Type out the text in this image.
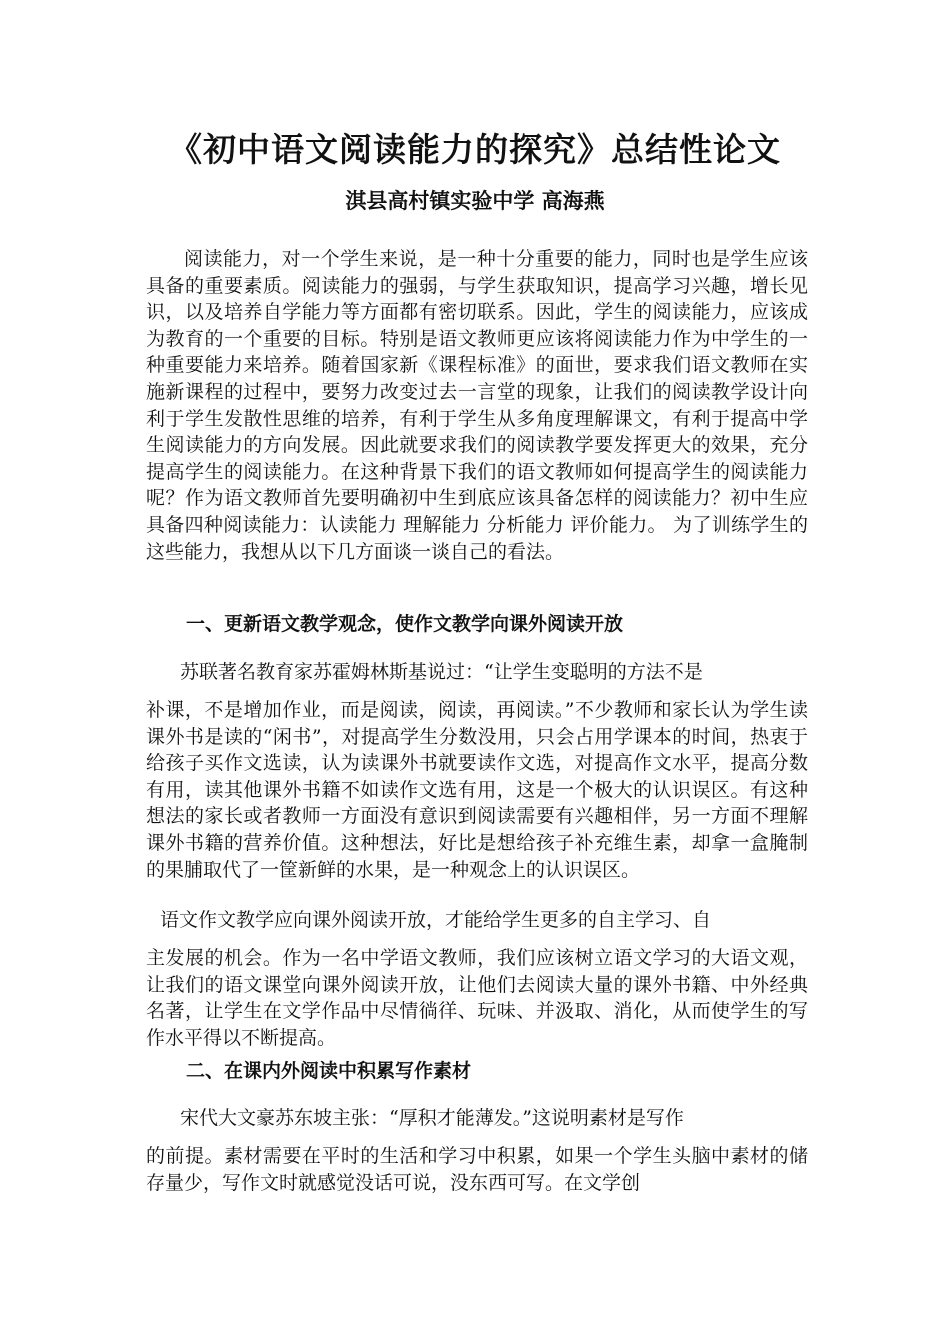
《初中语文阅读能力的探究》总结性论文
淇县高村镇实验中学 高海燕

阅读能力，对一个学生来说，是一种十分重要的能力，同时也是学生应该具备的重要素质。阅读能力的强弱，与学生获取知识，提高学习兴趣，增长见识，以及培养自学能力等方面都有密切联系。因此，学生的阅读能力，应该成为教育的一个重要的目标。特别是语文教师更应该将阅读能力作为中学生的一种重要能力来培养。随着国家新《课程标准》的面世，要求我们语文教师在实施新课程的过程中，要努力改变过去一言堂的现象，让我们的阅读教学设计向利于学生发散性思维的培养，有利于学生从多角度理解课文，有利于提高中学生阅读能力的方向发展。因此就要求我们的阅读教学要发挥更大的效果，充分提高学生的阅读能力。在这种背景下我们的语文教师如何提高学生的阅读能力呢？作为语文教师首先要明确初中生到底应该具备怎样的阅读能力？初中生应具备四种阅读能力：认读能力 理解能力 分析能力 评价能力。 为了训练学生的这些能力，我想从以下几方面谈一谈自己的看法。

一、更新语文教学观念，使作文教学向课外阅读开放

苏联著名教育家苏霍姆林斯基说过：“让学生变聪明的方法不是

补课，不是增加作业，而是阅读，阅读，再阅读。”不少教师和家长认为学生读课外书是读的“闲书”，对提高学生分数没用，只会占用学课本的时间，热衷于给孩子买作文选读，认为读课外书就要读作文选，对提高作文水平，提高分数有用，读其他课外书籍不如读作文选有用，这是一个极大的认识误区。有这种想法的家长或者教师一方面没有意识到阅读需要有兴趣相伴，另一方面不理解课外书籍的营养价值。这种想法，好比是想给孩子补充维生素，却拿一盒腌制的果脯取代了一筐新鲜的水果，是一种观念上的认识误区。

语文作文教学应向课外阅读开放，才能给学生更多的自主学习、自

主发展的机会。作为一名中学语文教师，我们应该树立语文学习的大语文观，让我们的语文课堂向课外阅读开放，让他们去阅读大量的课外书籍、中外经典名著，让学生在文学作品中尽情徜徉、玩味、并汲取、消化，从而使学生的写作水平得以不断提高。

二、在课内外阅读中积累写作素材

宋代大文豪苏东坡主张：“厚积才能薄发。”这说明素材是写作

的前提。素材需要在平时的生活和学习中积累，如果一个学生头脑中素材的储存量少，写作文时就感觉没话可说，没东西可写。在文学创
